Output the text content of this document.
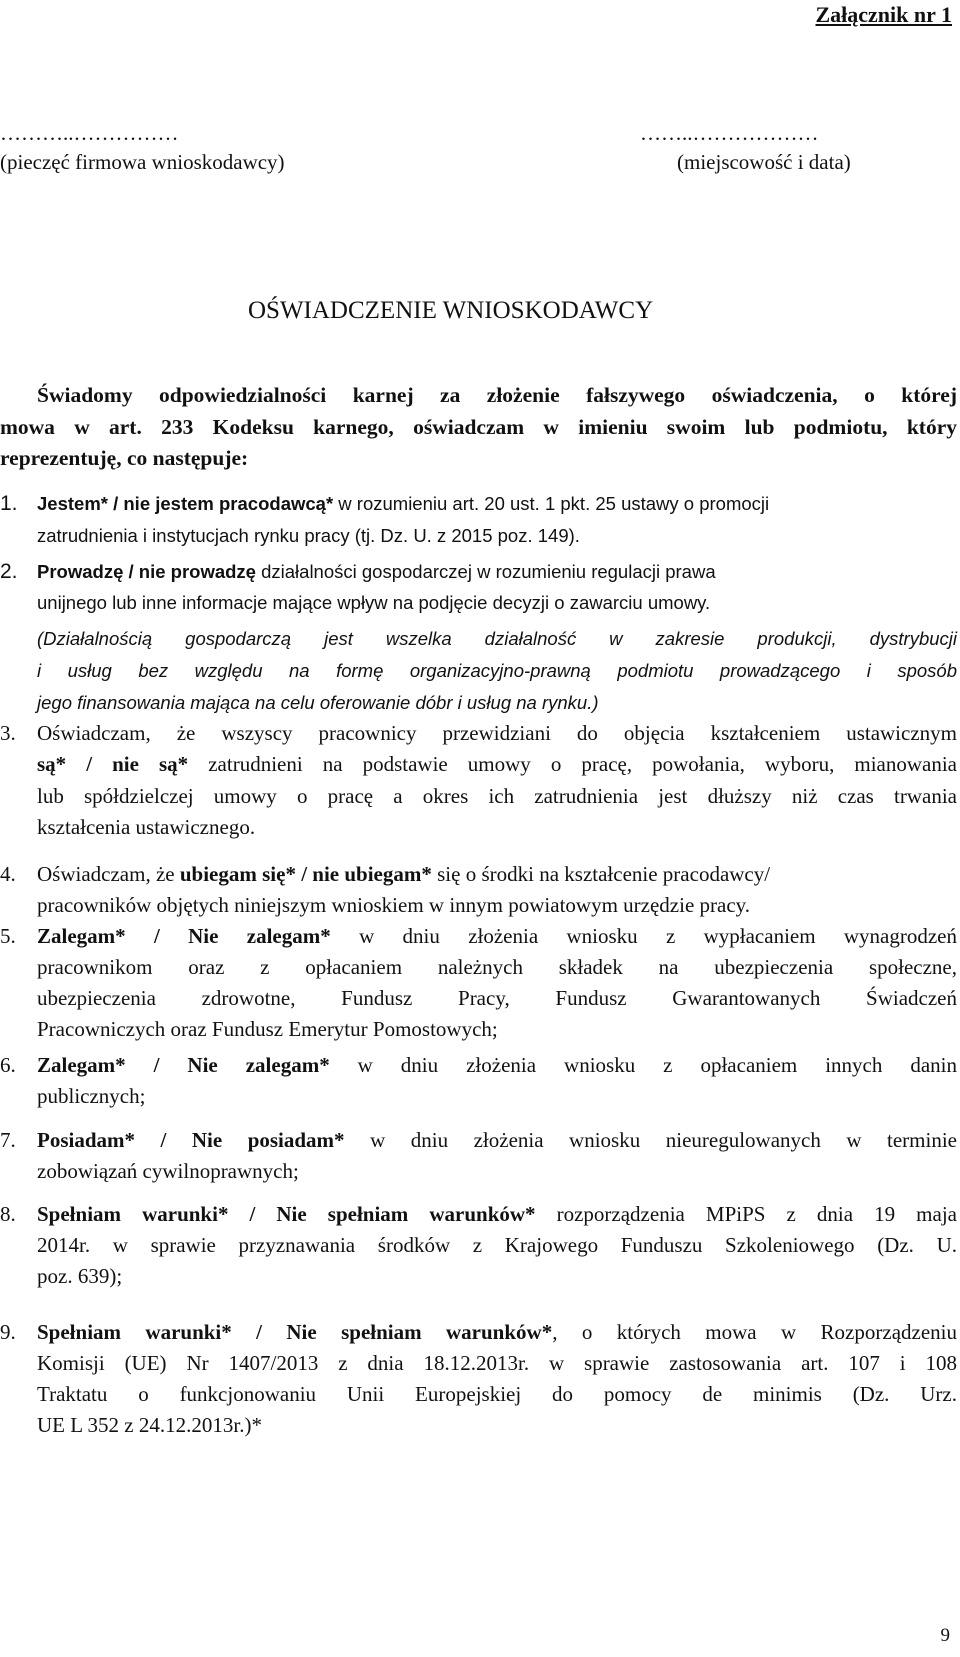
Załącznik nr 1
………..……………
(pieczęć firmowa wnioskodawcy)
……..………………
(miejscowość i data)
OŚWIADCZENIE WNIOSKODAWCY
Świadomy odpowiedzialności karnej za złożenie fałszywego oświadczenia, o której
mowa w art. 233 Kodeksu karnego, oświadczam w imieniu swoim lub podmiotu, który
reprezentuję, co następuje:
1. Jestem* / nie jestem pracodawcą* w rozumieniu art. 20 ust. 1 pkt. 25 ustawy o promocji
zatrudnienia i instytucjach rynku pracy (tj. Dz. U. z 2015 poz. 149).
2. Prowadzę / nie prowadzę działalności gospodarczej w rozumieniu regulacji prawa
unijnego lub inne informacje mające wpływ na podjęcie decyzji o zawarciu umowy.
(Działalnością gospodarczą jest wszelka działalność w zakresie produkcji, dystrybucji
i usług bez względu na formę organizacyjno-prawną podmiotu prowadzącego i sposób
jego finansowania mająca na celu oferowanie dóbr i usług na rynku.)
3. Oświadczam, że wszyscy pracownicy przewidziani do objęcia kształceniem ustawicznym
są* / nie są* zatrudnieni na podstawie umowy o pracę, powołania, wyboru, mianowania
lub spółdzielczej umowy o pracę a okres ich zatrudnienia jest dłuższy niż czas trwania
kształcenia ustawicznego.
4. Oświadczam, że ubiegam się* / nie ubiegam* się o środki na kształcenie pracodawcy/
pracowników objętych niniejszym wnioskiem w innym powiatowym urzędzie pracy.
5. Zalegam* / Nie zalegam* w dniu złożenia wniosku z wypłacaniem wynagrodzeń
pracownikom oraz z opłacaniem należnych składek na ubezpieczenia społeczne,
ubezpieczenia zdrowotne, Fundusz Pracy, Fundusz Gwarantowanych Świadczeń
Pracowniczych oraz Fundusz Emerytur Pomostowych;
6. Zalegam* / Nie zalegam* w dniu złożenia wniosku z opłacaniem innych danin
publicznych;
7. Posiadam* / Nie posiadam* w dniu złożenia wniosku nieuregulowanych w terminie
zobowiązań cywilnoprawnych;
8. Spełniam warunki* / Nie spełniam warunków* rozporządzenia MPiPS z dnia 19 maja
2014r. w sprawie przyznawania środków z Krajowego Funduszu Szkoleniowego (Dz. U.
poz. 639);
9. Spełniam warunki* / Nie spełniam warunków*, o których mowa w Rozporządzeniu
Komisji (UE) Nr 1407/2013 z dnia 18.12.2013r. w sprawie zastosowania art. 107 i 108
Traktatu o funkcjonowaniu Unii Europejskiej do pomocy de minimis (Dz. Urz.
UE L 352 z 24.12.2013r.)*
9
